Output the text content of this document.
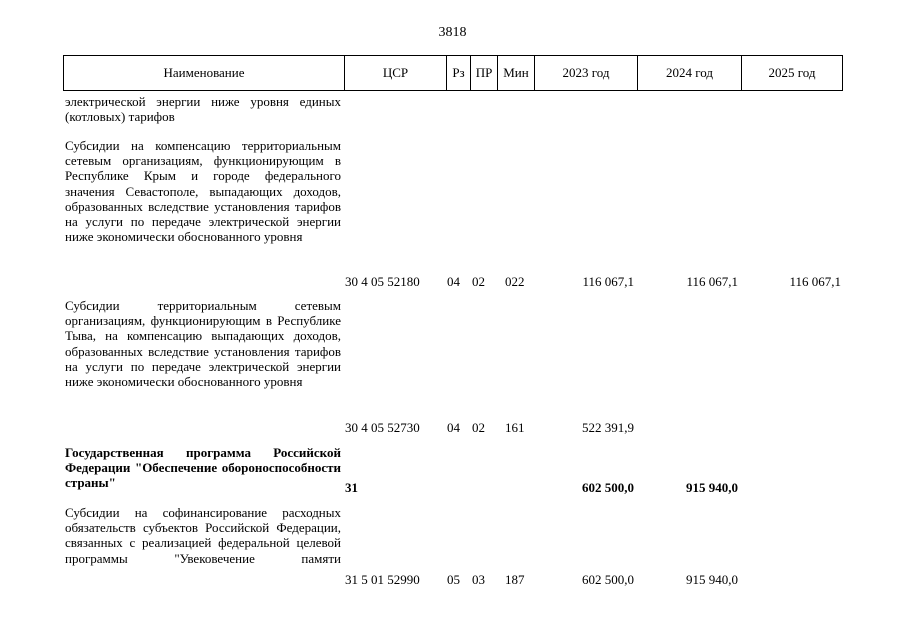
3818
Наименование	ЦСР	Рз ПР Мин	2023 год	2024 год	2025 год
электрической энергии ниже уровня единых (котловых) тарифов
Субсидии на компенсацию территориальным сетевым организациям, функционирующим в Республике Крым и городе федерального значения Севастополе, выпадающих доходов, образованных вследствие установления тарифов на услуги по передаче электрической энергии ниже экономически обоснованного уровня
30 4 05 52180 04 02 022	116 067,1	116 067,1	116 067,1
Субсидии территориальным сетевым организациям, функционирующим в Республике Тыва, на компенсацию выпадающих доходов, образованных вследствие установления тарифов на услуги по передаче электрической энергии ниже экономически обоснованного уровня
30 4 05 52730 04 02 161	522 391,9
Государственная программа Российской Федерации "Обеспечение обороноспособности страны"	31	602 500,0	915 940,0
Субсидии на софинансирование расходных обязательств субъектов Российской Федерации, связанных с реализацией федеральной целевой программы "Увековечение памяти
31 5 01 52990 05 03 187	602 500,0	915 940,0
